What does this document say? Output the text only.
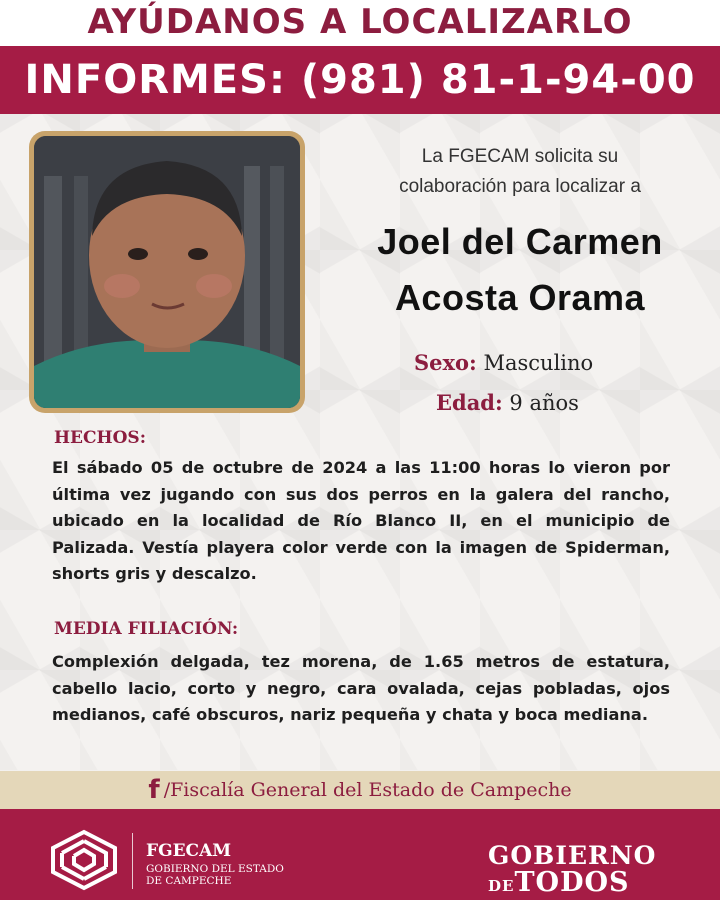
AYÚDANOS A LOCALIZARLO
INFORMES: (981) 81-1-94-00
La FGECAM solicita su
colaboración para localizar a
Joel del Carmen
Acosta Orama
Sexo: Masculino
Edad: 9 años
HECHOS:
El sábado 05 de octubre de 2024 a las 11:00 horas lo vieron por última vez jugando con sus dos perros en la galera del rancho, ubicado en la localidad de Río Blanco II, en el municipio de Palizada. Vestía playera color verde con la imagen de Spiderman, shorts gris y descalzo.
MEDIA FILIACIÓN:
Complexión delgada, tez morena, de 1.65 metros de estatura, cabello lacio, corto y negro, cara ovalada, cejas pobladas, ojos medianos, café obscuros, nariz pequeña y chata y boca mediana.
f /Fiscalía General del Estado de Campeche
FGECAM
GOBIERNO DEL ESTADO
DE CAMPECHE
GOBIERNO
DETODOS
